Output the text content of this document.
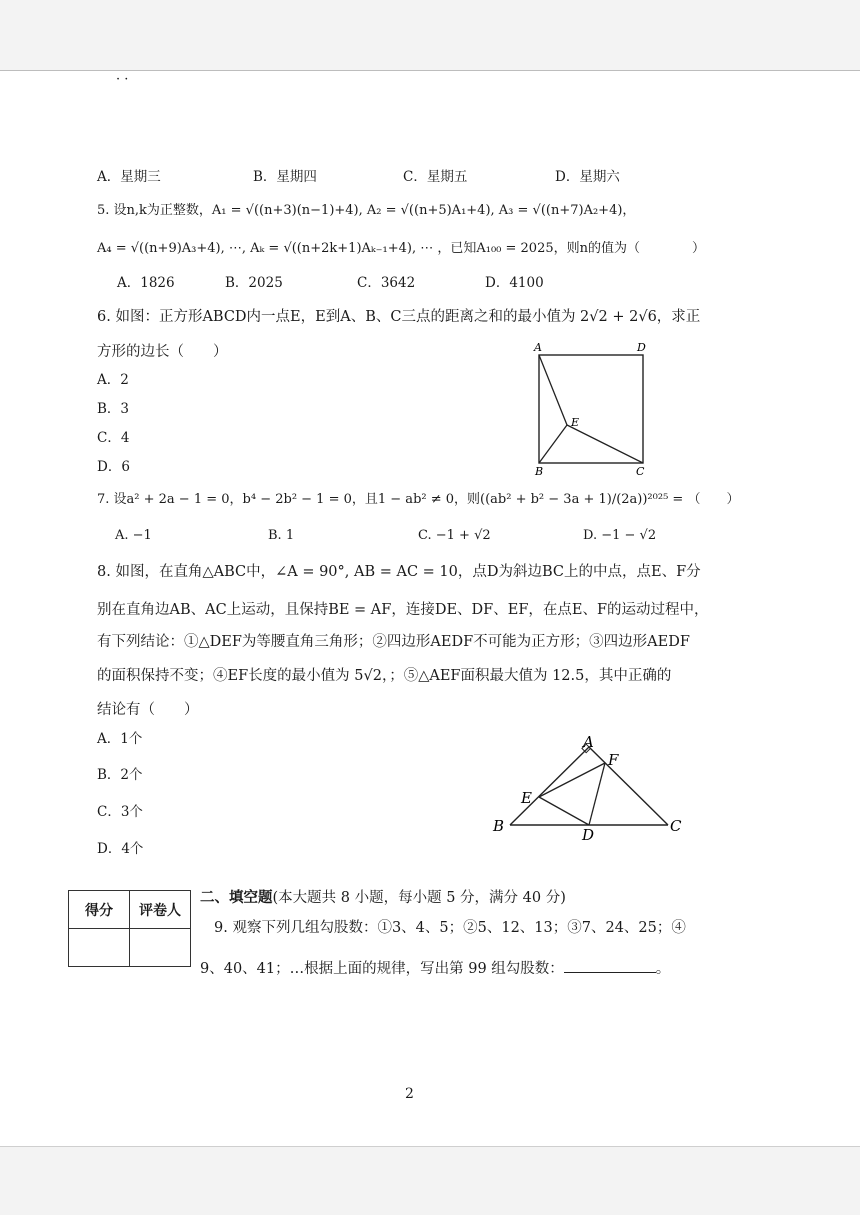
· ·
A．星期三	B．星期四	C．星期五	D．星期六
5. 设n,k为正整数，A₁ = √((n+3)(n−1)+4), A₂ = √((n+5)A₁+4), A₃ = √((n+7)A₂+4)，
A₄ = √((n+9)A₃+4), ⋯, Aₖ = √((n+2k+1)Aₖ₋₁+4), ⋯ ，已知A₁₀₀ = 2025，则n的值为（　　　　）
A．1826	B．2025	C．3642	D．4100
6. 如图：正方形ABCD内一点E，E到A、B、C三点的距离之和的最小值为 2√2 + 2√6，求正
方形的边长（　　）
A．2
B．3
C．4
D．6
A	D
E
B	C
7. 设a² + 2a − 1 = 0，b⁴ − 2b² − 1 = 0，且1 − ab² ≠ 0，则((ab² + b² − 3a + 1)/(2a))²⁰²⁵ = （　　）
A. −1	B. 1	C. −1 + √2	D. −1 − √2
8. 如图，在直角△ABC中，∠A = 90°, AB = AC = 10，点D为斜边BC上的中点，点E、F分
别在直角边AB、AC上运动，且保持BE = AF，连接DE、DF、EF，在点E、F的运动过程中，
有下列结论：①△DEF为等腰直角三角形；②四边形AEDF不可能为正方形；③四边形AEDF
的面积保持不变；④EF长度的最小值为 5√2，；⑤△AEF面积最大值为 12.5，其中正确的
结论有（　　）
A．1个
B．2个
C．3个
D．4个
A
F
E
B	D	C
得分	评卷人

二、填空题(本大题共 8 小题，每小题 5 分，满分 40 分)
9. 观察下列几组勾股数：①3、4、5；②5、12、13；③7、24、25；④
9、40、41；…根据上面的规律，写出第 99 组勾股数：	。
2
